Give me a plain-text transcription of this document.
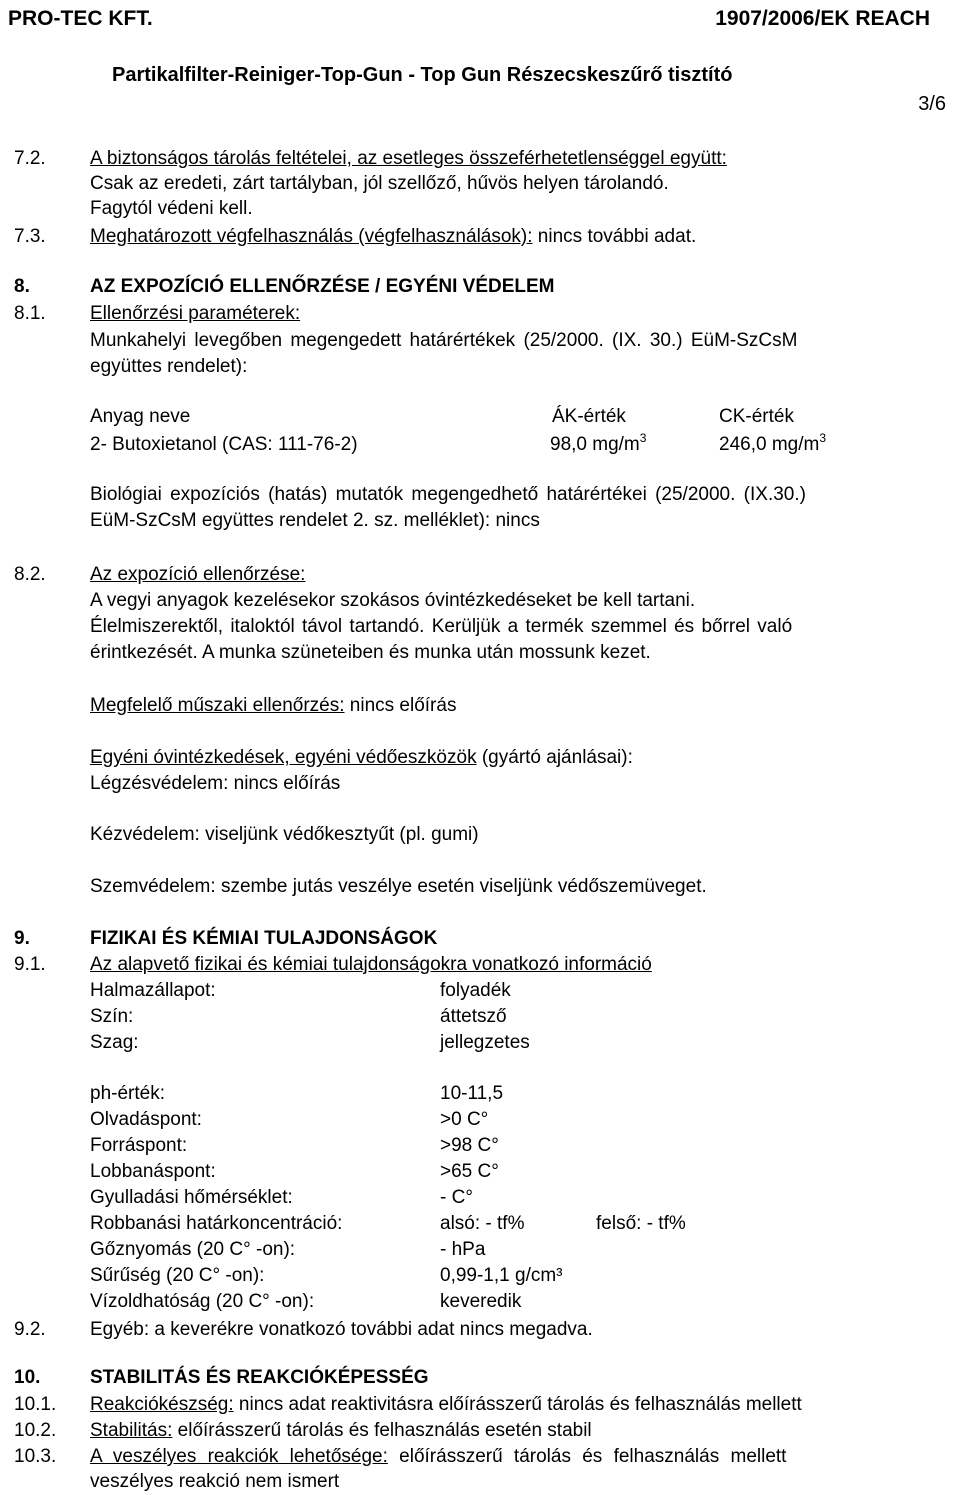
PRO-TEC KFT.	1907/2006/EK REACH
Partikalfilter-Reiniger-Top-Gun - Top Gun Részecskeszűrő tisztító
3/6
7.2. A biztonságos tárolás feltételei, az esetleges összeférhetetlenséggel együtt:
Csak az eredeti, zárt tartályban, jól szellőző, hűvös helyen tárolandó.
Fagytól védeni kell.
7.3. Meghatározott végfelhasználás (végfelhasználások): nincs további adat.
8.	AZ EXPOZÍCIÓ ELLENŐRZÉSE / EGYÉNI VÉDELEM
8.1. Ellenőrzési paraméterek:
Munkahelyi levegőben megengedett határértékek (25/2000. (IX. 30.) EüM-SzCsM
együttes rendelet):
Anyag neve	ÁK-érték	CK-érték
2- Butoxietanol (CAS: 111-76-2)	98,0 $mg/m^3$	246,0 $mg/m^3$
Biológiai expozíciós (hatás) mutatók megengedhető határértékei (25/2000. (IX.30.)
EüM-SzCsM együttes rendelet 2. sz. melléklet): nincs
8.2. Az expozíció ellenőrzése:
A vegyi anyagok kezelésekor szokásos óvintézkedéseket be kell tartani.
Élelmiszerektől, italoktól távol tartandó. Kerüljük a termék szemmel és bőrrel való
érintkezését. A munka szüneteiben és munka után mossunk kezet.
Megfelelő műszaki ellenőrzés: nincs előírás
Egyéni óvintézkedések, egyéni védőeszközök (gyártó ajánlásai):
Légzésvédelem: nincs előírás
Kézvédelem: viseljünk védőkesztyűt (pl. gumi)
Szemvédelem: szembe jutás veszélye esetén viseljünk védőszemüveget.
9.	FIZIKAI ÉS KÉMIAI TULAJDONSÁGOK
9.1. Az alapvető fizikai és kémiai tulajdonságokra vonatkozó információ
Halmazállapot:	folyadék
Szín:	áttetsző
Szag:	jellegzetes
ph-érték:	10-11,5
Olvadáspont:	>0 C°
Forráspont:	>98 C°
Lobbanáspont:	>65 C°
Gyulladási hőmérséklet:	- C°
Robbanási határkoncentráció:	alsó: - tf%	felső: - tf%
Gőznyomás (20 C° -on):	- hPa
Sűrűség (20 C° -on):	0,99-1,1 g/cm³
Vízoldhatóság (20 C° -on):	keveredik
9.2. Egyéb: a keverékre vonatkozó további adat nincs megadva.
10.	STABILITÁS ÉS REAKCIÓKÉPESSÉG
10.1. Reakciókészség: nincs adat reaktivitásra előírásszerű tárolás és felhasználás mellett
10.2. Stabilitás: előírásszerű tárolás és felhasználás esetén stabil
10.3. A veszélyes reakciók lehetősége: előírásszerű tárolás és felhasználás mellett
veszélyes reakció nem ismert
